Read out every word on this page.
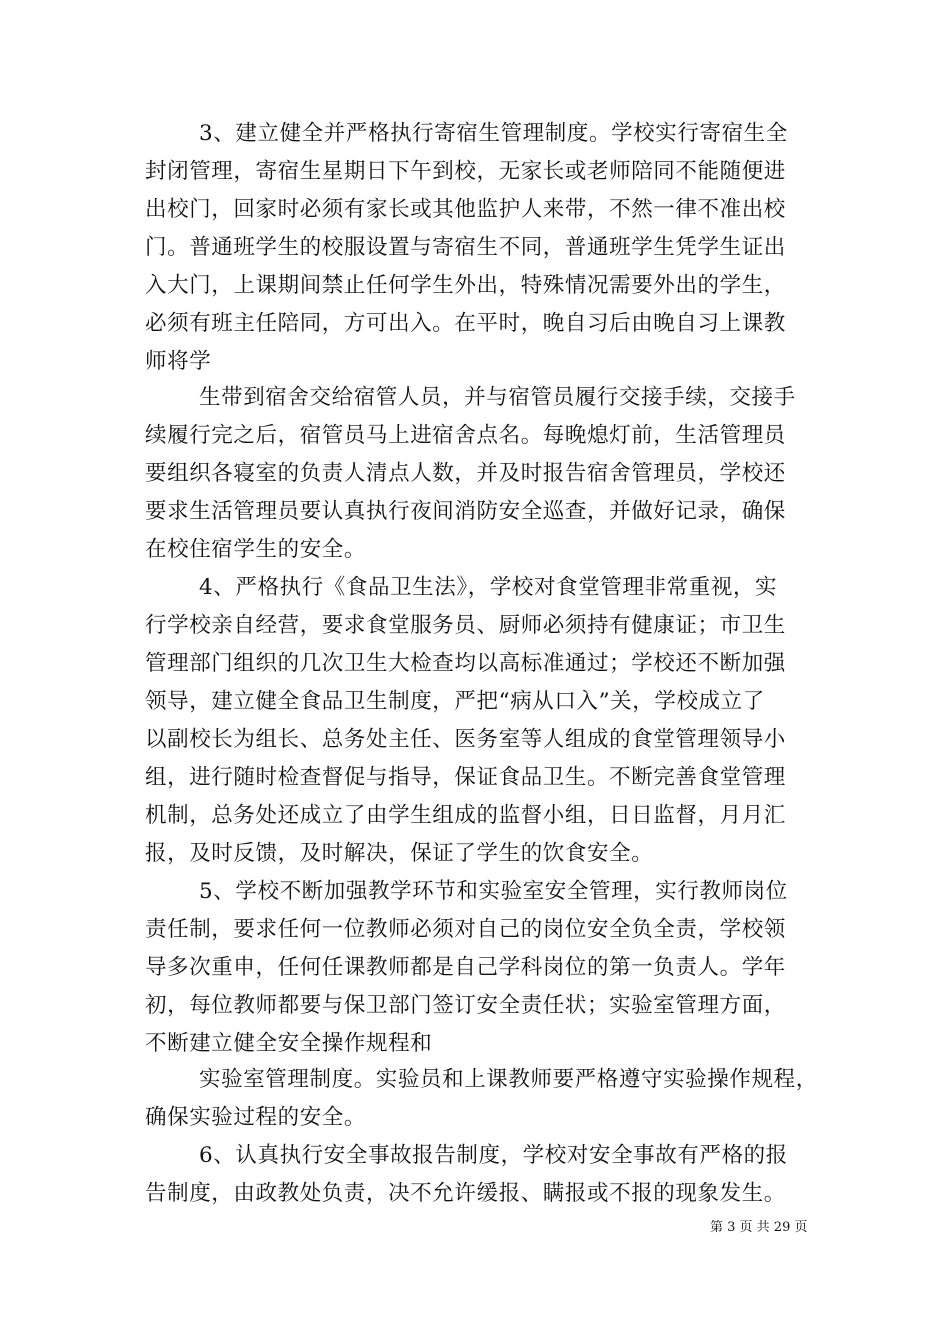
3、建立健全并严格执行寄宿生管理制度。学校实行寄宿生全
封闭管理，寄宿生星期日下午到校，无家长或老师陪同不能随便进
出校门，回家时必须有家长或其他监护人来带，不然一律不准出校
门。普通班学生的校服设置与寄宿生不同，普通班学生凭学生证出
入大门，上课期间禁止任何学生外出，特殊情况需要外出的学生，
必须有班主任陪同，方可出入。在平时，晚自习后由晚自习上课教
师将学
生带到宿舍交给宿管人员，并与宿管员履行交接手续，交接手
续履行完之后，宿管员马上进宿舍点名。每晚熄灯前，生活管理员
要组织各寝室的负责人清点人数，并及时报告宿舍管理员，学校还
要求生活管理员要认真执行夜间消防安全巡查，并做好记录，确保
在校住宿学生的安全。
4、严格执行《食品卫生法》，学校对食堂管理非常重视，实
行学校亲自经营，要求食堂服务员、厨师必须持有健康证；市卫生
管理部门组织的几次卫生大检查均以高标准通过；学校还不断加强
领导，建立健全食品卫生制度，严把“病从口入”关，学校成立了
以副校长为组长、总务处主任、医务室等人组成的食堂管理领导小
组，进行随时检查督促与指导，保证食品卫生。不断完善食堂管理
机制，总务处还成立了由学生组成的监督小组，日日监督，月月汇
报，及时反馈，及时解决，保证了学生的饮食安全。
5、学校不断加强教学环节和实验室安全管理，实行教师岗位
责任制，要求任何一位教师必须对自己的岗位安全负全责，学校领
导多次重申，任何任课教师都是自己学科岗位的第一负责人。学年
初，每位教师都要与保卫部门签订安全责任状；实验室管理方面，
不断建立健全安全操作规程和
实验室管理制度。实验员和上课教师要严格遵守实验操作规程，
确保实验过程的安全。
6、认真执行安全事故报告制度，学校对安全事故有严格的报
告制度，由政教处负责，决不允许缓报、瞒报或不报的现象发生。
第 3 页 共 29 页
